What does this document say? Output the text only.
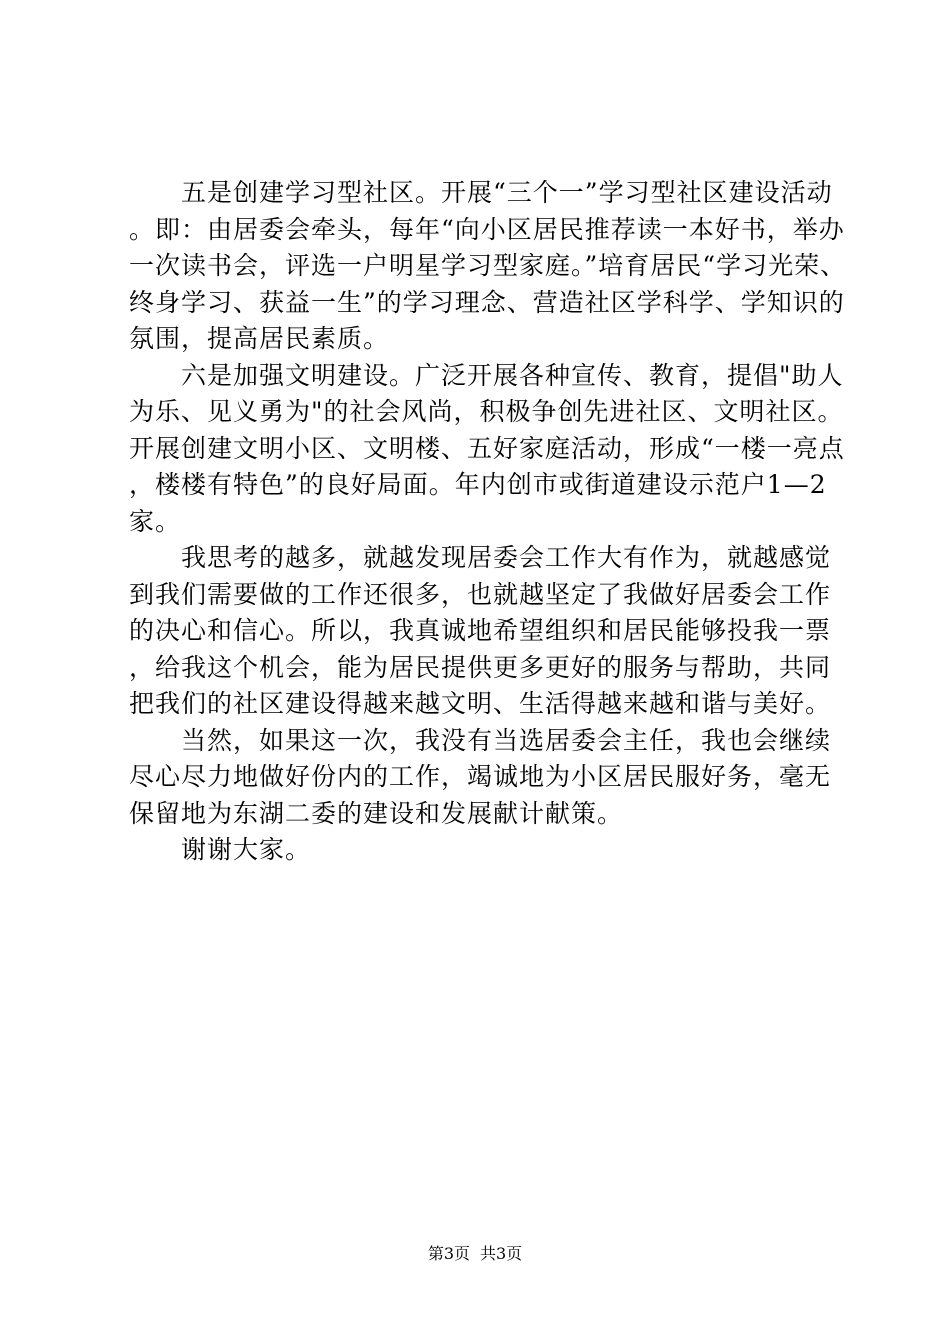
五是创建学习型社区。开展“三个一”学习型社区建设活动。即：由居委会牵头，每年“向小区居民推荐读一本好书，举办一次读书会，评选一户明星学习型家庭。”培育居民“学习光荣、终身学习、获益一生”的学习理念、营造社区学科学、学知识的氛围，提高居民素质。

六是加强文明建设。广泛开展各种宣传、教育，提倡"助人为乐、见义勇为"的社会风尚，积极争创先进社区、文明社区。开展创建文明小区、文明楼、五好家庭活动，形成“一楼一亮点，楼楼有特色”的良好局面。年内创市或街道建设示范户1—2家。

我思考的越多，就越发现居委会工作大有作为，就越感觉到我们需要做的工作还很多，也就越坚定了我做好居委会工作的决心和信心。所以，我真诚地希望组织和居民能够投我一票，给我这个机会，能为居民提供更多更好的服务与帮助，共同把我们的社区建设得越来越文明、生活得越来越和谐与美好。

当然，如果这一次，我没有当选居委会主任，我也会继续尽心尽力地做好份内的工作，竭诚地为小区居民服好务，毫无保留地为东湖二委的建设和发展献计献策。

谢谢大家。

第3页 共3页
